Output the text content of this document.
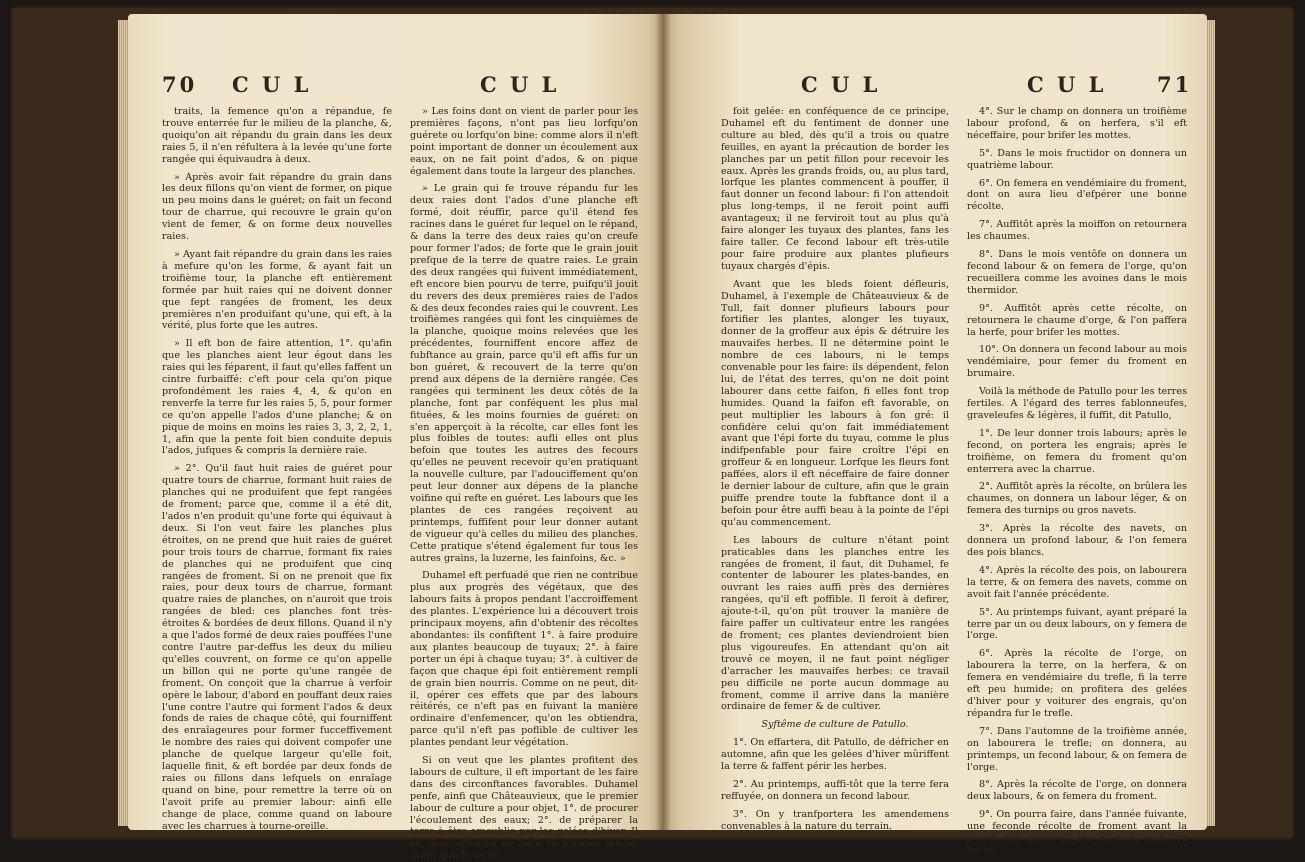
70 C U L	C U L

traits, la femence qu'on a répandue, fe trouve enterrée fur le milieu de la planche, &, quoiqu'on ait répandu du grain dans les deux raies 5, il n'en réfultera à la levée qu'une forte rangée qui équivaudra à deux.

» Après avoir fait répandre du grain dans les deux fillons qu'on vient de former, on pique un peu moins dans le guéret; on fait un fecond tour de charrue, qui recouvre le grain qu'on vient de femer, & on forme deux nouvelles raies.

» Ayant fait répandre du grain dans les raies à mefure qu'on les forme, & ayant fait un troifième tour, la planche eft entièrement formée par huit raies qui ne doivent donner que fept rangées de froment, les deux premières n'en produifant qu'une, qui eft, à la vérité, plus forte que les autres.

» Il eft bon de faire attention, 1°. qu'afin que les planches aient leur égout dans les raies qui les féparent, il faut qu'elles faffent un cintre furbaiffé: c'eft pour cela qu'on pique profondément les raies 4, 4, & qu'on en renverfe la terre fur les raies 5, 5, pour former ce qu'on appelle l'ados d'une planche; & on pique de moins en moins les raies 3, 3, 2, 2, 1, 1, afin que la pente foit bien conduite depuis l'ados, jufques & compris la dernière raie.

» 2°. Qu'il faut huit raies de guéret pour quatre tours de charrue, formant huit raies de planches qui ne produifent que fept rangées de froment; parce que, comme il a été dit, l'ados n'en produit qu'une forte qui équivaut à deux. Si l'on veut faire les planches plus étroites, on ne prend que huit raies de guéret pour trois tours de charrue, formant fix raies de planches qui ne produifent que cinq rangées de froment. Si on ne prenoit que fix raies, pour deux tours de charrue, formant quatre raies de planches, on n'auroit que trois rangées de bled: ces planches font très-étroites & bordées de deux fillons. Quand il n'y a que l'ados formé de deux raies pouffées l'une contre l'autre par-deffus les deux du milieu qu'elles couvrent, on forme ce qu'on appelle un billon qui ne porte qu'une rangée de froment. On conçoit que la charrue à verfoir opère le labour, d'abord en pouffant deux raies l'une contre l'autre qui forment l'ados & deux fonds de raies de chaque côté, qui fourniffent des enraîageures pour former fucceffivement le nombre des raies qui doivent compofer une planche de quelque largeur qu'elle foit, laquelle finit, & eft bordée par deux fonds de raies ou fillons dans lefquels on enraîage quand on bine, pour remettre la terre où on l'avoit prife au premier labour: ainfi elle change de place, comme quand on laboure avec les charrues à tourne-oreille.

» Les foins dont on vient de parler pour les premières façons, n'ont pas lieu lorfqu'on guérete ou lorfqu'on bine: comme alors il n'eft point important de donner un écoulement aux eaux, on ne fait point d'ados, & on pique également dans toute la largeur des planches.

» Le grain qui fe trouve répandu fur les deux raies dont l'ados d'une planche eft formé, doit réuffir, parce qu'il étend fes racines dans le guéret fur lequel on le répand, & dans la terre des deux raies qu'on creufe pour former l'ados; de forte que le grain jouit prefque de la terre de quatre raies. Le grain des deux rangées qui fuivent immédiatement, eft encore bien pourvu de terre, puifqu'il jouit du revers des deux premières raies de l'ados & des deux fecondes raies qui le couvrent. Les troifièmes rangées qui font les cinquièmes de la planche, quoique moins relevées que les précédentes, fourniffent encore affez de fubftance au grain, parce qu'il eft affis fur un bon guéret, & recouvert de la terre qu'on prend aux dépens de la dernière rangée. Ces rangées qui terminent les deux côtés de la planche, font par conféquent les plus mal fituées, & les moins fournies de guéret: on s'en apperçoit à la récolte, car elles font les plus foibles de toutes: aufli elles ont plus befoin que toutes les autres des fecours qu'elles ne peuvent recevoir qu'en pratiquant la nouvelle culture, par l'adouciffement qu'on peut leur donner aux dépens de la planche voifine qui refte en guéret. Les labours que les plantes de ces rangées reçoivent au printemps, fuffifent pour leur donner autant de vigueur qu'à celles du milieu des planches. Cette pratique s'étend également fur tous les autres grains, la luzerne, les fainfoins, &c. »

Duhamel eft perfuadé que rien ne contribue plus aux progrès des végétaux, que des labours faits à propos pendant l'accroiffement des plantes. L'expérience lui a découvert trois principaux moyens, afin d'obtenir des récoltes abondantes: ils confiftent 1°. à faire produire aux plantes beaucoup de tuyaux; 2°. à faire porter un épi à chaque tuyau; 3°. à cultiver de façon que chaque épi foit entièrement rempli de grain bien nourris. Comme on ne peut, dit-il, opérer ces effets que par des labours réitérés, ce n'eft pas en fuivant la manière ordinaire d'enfemencer, qu'on les obtiendra, parce qu'il n'eft pas poflible de cultiver les plantes pendant leur végétation.

Si on veut que les plantes profitent des labours de culture, il eft important de les faire dans des circonftances favorables. Duhamel penfe, ainfi que Châteauvieux, que le premier labour de culture a pour objet, 1°. de procurer l'écoulement des eaux; 2°. de préparer la terre à être ameublie par les gelées d'hiver. Il eft donc effentiel de faire ce premier labour avant que la terre

C U L	C U L 71

foit gelée: en conféquence de ce principe, Duhamel eft du fentiment de donner une culture au bled, dès qu'il a trois ou quatre feuilles, en ayant la précaution de border les planches par un petit fillon pour recevoir les eaux. Après les grands froids, ou, au plus tard, lorfque les plantes commencent à pouffer, il faut donner un fecond labour: fi l'on attendoit plus long-temps, il ne feroit point auffi avantageux; il ne ferviroit tout au plus qu'à faire alonger les tuyaux des plantes, fans les faire taller. Ce fecond labour eft très-utile pour faire produire aux plantes plufieurs tuyaux chargés d'épis.

Avant que les bleds foient défleuris, Duhamel, à l'exemple de Châteauvieux & de Tull, fait donner plufieurs labours pour fortifier les plantes, alonger les tuyaux, donner de la groffeur aux épis & détruire les mauvaifes herbes. Il ne détermine point le nombre de ces labours, ni le temps convenable pour les faire: ils dépendent, felon lui, de l'état des terres, qu'on ne doit point labourer dans cette faifon, fi elles font trop humides. Quand la faifon eft favorable, on peut multiplier les labours à fon gré: il confidère celui qu'on fait immédiatement avant que l'épi forte du tuyau, comme le plus indifpenfable pour faire croître l'épi en groffeur & en longueur. Lorfque les fleurs font paffées, alors il eft néceffaire de faire donner le dernier labour de culture, afin que le grain puiffe prendre toute la fubftance dont il a befoin pour être auffi beau à la pointe de l'épi qu'au commencement.

Les labours de culture n'étant point praticables dans les planches entre les rangées de froment, il faut, dit Duhamel, fe contenter de labourer les plates-bandes, en ouvrant les raies auffi près des dernières rangées, qu'il eft poffible. Il feroit à defirer, ajoute-t-il, qu'on pût trouver la manière de faire paffer un cultivateur entre les rangées de froment; ces plantes deviendroient bien plus vigoureufes. En attendant qu'on ait trouvé ce moyen, il ne faut point négliger d'arracher les mauvaifes herbes: ce travail peu difficile ne porte aucun dommage au froment, comme il arrive dans la manière ordinaire de femer & de cultiver.

Syftême de culture de Patullo.

1°. On effartera, dit Patullo, de défricher en automne, afin que les gelées d'hiver mûriffent la terre & faffent périr les herbes.

2°. Au printemps, auffi-tôt que la terre fera reffuyée, on donnera un fecond labour.

3°. On y tranfportera les amendemens convenables à la nature du terrain.

4°. Sur le champ on donnera un troifième labour profond, & on herfera, s'il eft néceffaire, pour brifer les mottes.

5°. Dans le mois fructidor on donnera un quatrième labour.

6°. On femera en vendémiaire du froment, dont on aura lieu d'efpérer une bonne récolte.

7°. Auffitôt après la moiffon on retournera les chaumes.

8°. Dans le mois ventôfe on donnera un fecond labour & on femera de l'orge, qu'on recueillera comme les avoines dans le mois thermidor.

9°. Auffitôt après cette récolte, on retournera le chaume d'orge, & l'on paffera la herfe, pour brifer les mottes.

10°. On donnera un fecond labour au mois vendémiaire, pour femer du froment en brumaire.

Voilà la méthode de Patullo pour les terres fertiles. A l'égard des terres fablonneufes, graveleufes & légères, il fuffit, dit Patullo,

1°. De leur donner trois labours; après le fecond, on portera les engrais; après le troifième, on femera du froment qu'on enterrera avec la charrue.

2°. Auffitôt après la récolte, on brûlera les chaumes, on donnera un labour léger, & on femera des turnips ou gros navets.

3°. Après la récolte des navets, on donnera un profond labour, & l'on femera des pois blancs.

4°. Après la récolte des pois, on labourera la terre, & on femera des navets, comme on avoit fait l'année précédente.

5°. Au printemps fuivant, ayant préparé la terre par un ou deux labours, on y femera de l'orge.

6°. Après la récolte de l'orge, on labourera la terre, on la herfera, & on femera en vendémiaire du trefle, fi la terre eft peu humide; on profitera des gelées d'hiver pour y voiturer des engrais, qu'on répandra fur le trefle.

7°. Dans l'automne de la troifième année, on labourera le trefle; on donnera, au printemps, un fecond labour, & on femera de l'orge.

8°. Après la récolte de l'orge, on donnera deux labours, & on femera du froment.

9°. On pourra faire, dans l'année fuivante, une feconde récolte de froment avant la récolte des menus grains, ou bien, on fuivra les ré-
